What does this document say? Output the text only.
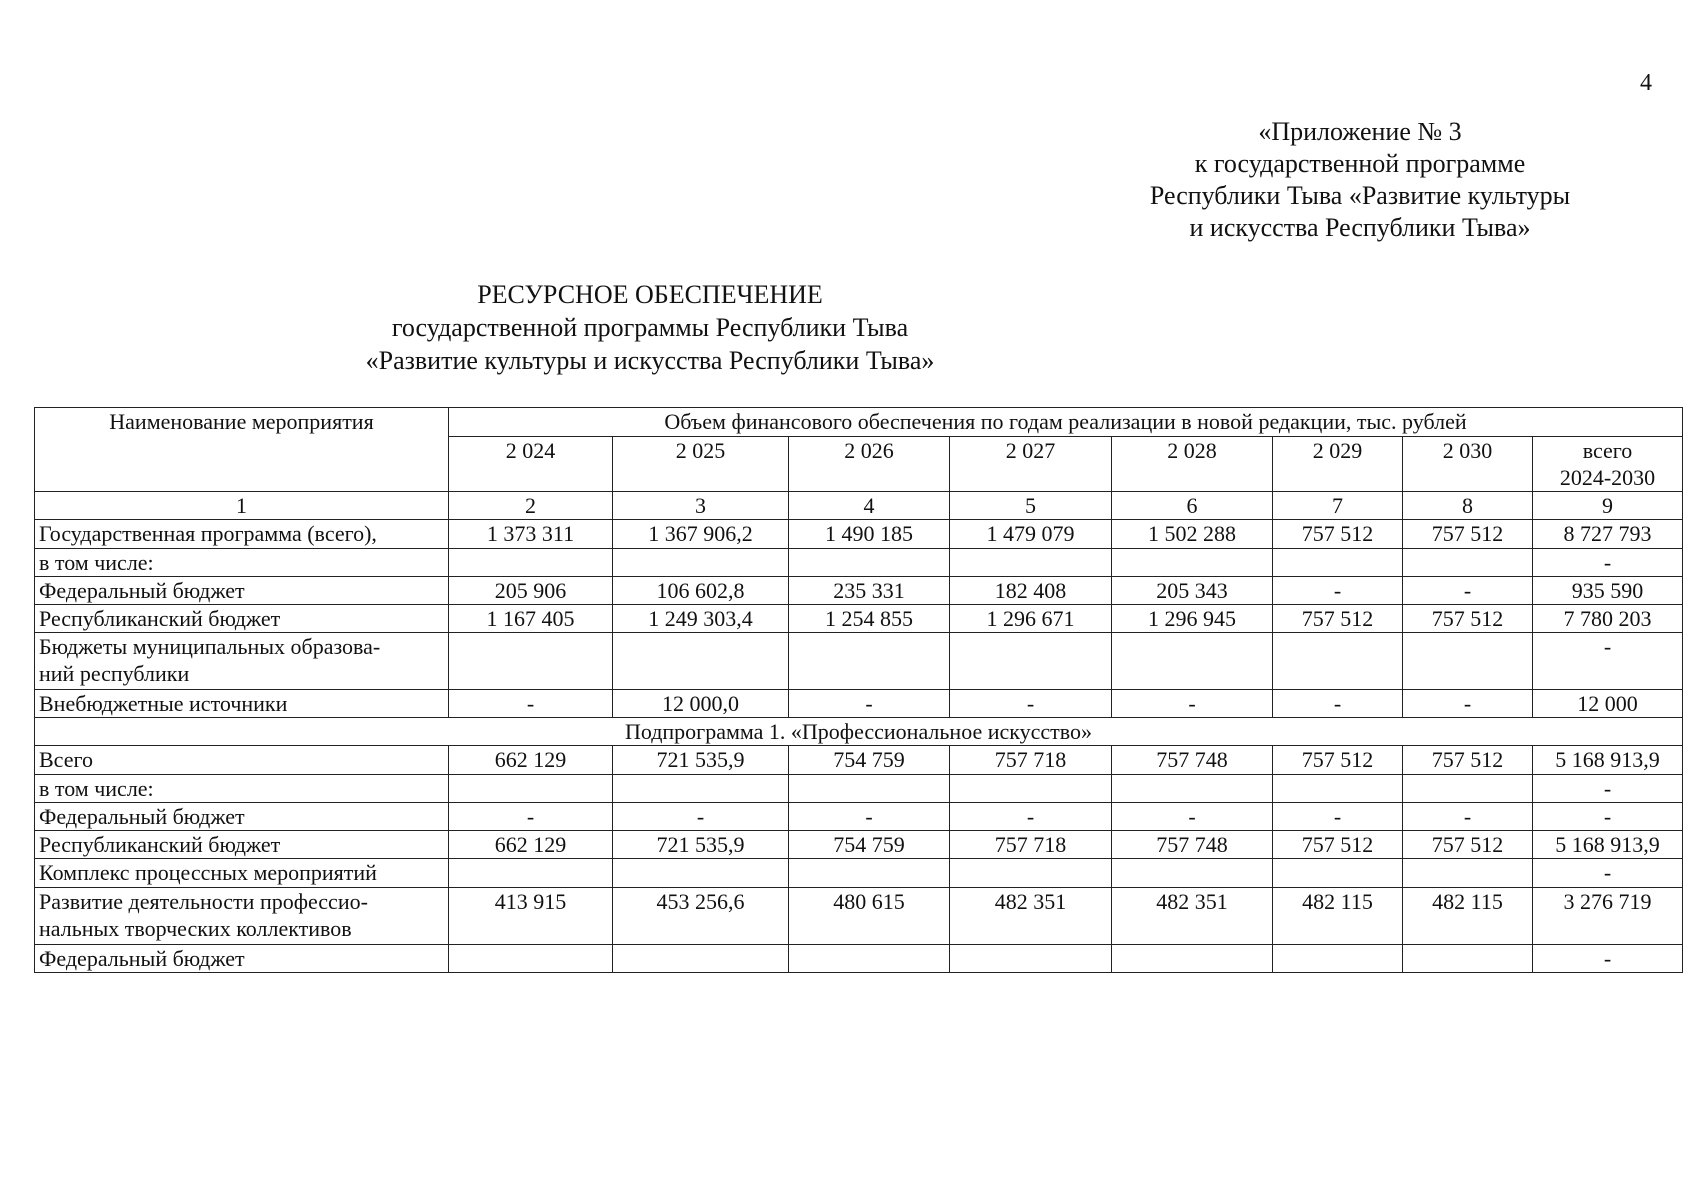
4
«Приложение № 3
к государственной программе
Республики Тыва «Развитие культуры
и искусства Республики Тыва»
РЕСУРСНОЕ ОБЕСПЕЧЕНИЕ
государственной программы Республики Тыва
«Развитие культуры и искусства Республики Тыва»
Наименование мероприятия	Объем финансового обеспечения по годам реализации в новой редакции, тыс. рублей							
	2 024	2 025	2 026	2 027	2 028	2 029	2 030	всего
2024-2030

1	2	3	4	5	6	7	8	9
Государственная программа (всего),	1 373 311	1 367 906,2	1 490 185	1 479 079	1 502 288	757 512	757 512	8 727 793
в том числе:								-
Федеральный бюджет	205 906	106 602,8	235 331	182 408	205 343	-	-	935 590
Республиканский бюджет	1 167 405	1 249 303,4	1 254 855	1 296 671	1 296 945	757 512	757 512	7 780 203

Бюджеты муниципальных образова-
ний республики								-
Внебюджетные источники	-	12 000,0	-	-	-	-	-	12 000
Подпрограмма 1. «Профессиональное искусство»								
Всего	662 129	721 535,9	754 759	757 718	757 748	757 512	757 512	5 168 913,9
в том числе:								-
Федеральный бюджет	-	-	-	-	-	-	-	-
Республиканский бюджет	662 129	721 535,9	754 759	757 718	757 748	757 512	757 512	5 168 913,9
Комплекс процессных мероприятий								-

Развитие деятельности профессио-
нальных творческих коллективов	413 915	453 256,6	480 615	482 351	482 351	482 115	482 115	3 276 719
Федеральный бюджет								-
